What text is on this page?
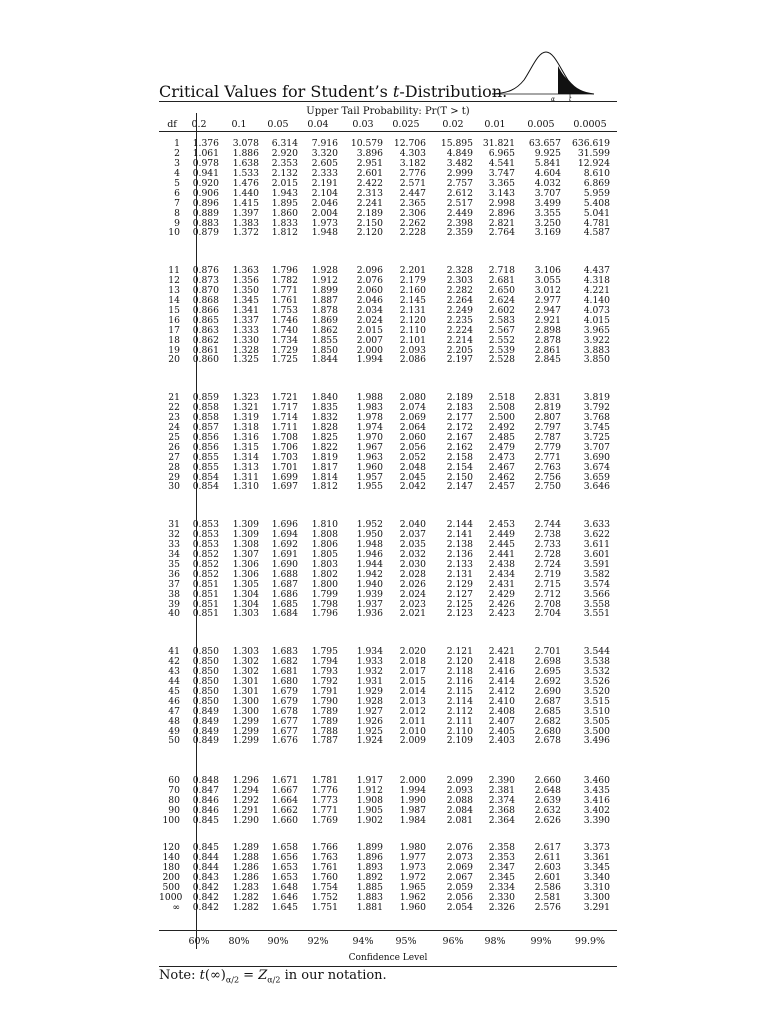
Critical Values for Student’s t-Distribution.	α t
Upper Tail Probability: Pr(T > t)
df	0.2	0.1	0.05	0.04	0.03	0.025	0.02	0.01	0.005	0.0005
1	1.376	3.078	6.314	7.916	10.579	12.706	15.895	31.821	63.657	636.619
2	1.061	1.886	2.920	3.320	3.896	4.303	4.849	6.965	9.925	31.599
3	0.978	1.638	2.353	2.605	2.951	3.182	3.482	4.541	5.841	12.924
4	0.941	1.533	2.132	2.333	2.601	2.776	2.999	3.747	4.604	8.610
5	0.920	1.476	2.015	2.191	2.422	2.571	2.757	3.365	4.032	6.869
6	0.906	1.440	1.943	2.104	2.313	2.447	2.612	3.143	3.707	5.959
7	0.896	1.415	1.895	2.046	2.241	2.365	2.517	2.998	3.499	5.408
8	0.889	1.397	1.860	2.004	2.189	2.306	2.449	2.896	3.355	5.041
9	0.883	1.383	1.833	1.973	2.150	2.262	2.398	2.821	3.250	4.781
10	0.879	1.372	1.812	1.948	2.120	2.228	2.359	2.764	3.169	4.587
11	0.876	1.363	1.796	1.928	2.096	2.201	2.328	2.718	3.106	4.437
12	0.873	1.356	1.782	1.912	2.076	2.179	2.303	2.681	3.055	4.318
13	0.870	1.350	1.771	1.899	2.060	2.160	2.282	2.650	3.012	4.221
14	0.868	1.345	1.761	1.887	2.046	2.145	2.264	2.624	2.977	4.140
15	0.866	1.341	1.753	1.878	2.034	2.131	2.249	2.602	2.947	4.073
16	0.865	1.337	1.746	1.869	2.024	2.120	2.235	2.583	2.921	4.015
17	0.863	1.333	1.740	1.862	2.015	2.110	2.224	2.567	2.898	3.965
18	0.862	1.330	1.734	1.855	2.007	2.101	2.214	2.552	2.878	3.922
19	0.861	1.328	1.729	1.850	2.000	2.093	2.205	2.539	2.861	3.883
20	0.860	1.325	1.725	1.844	1.994	2.086	2.197	2.528	2.845	3.850
21	0.859	1.323	1.721	1.840	1.988	2.080	2.189	2.518	2.831	3.819
22	0.858	1.321	1.717	1.835	1.983	2.074	2.183	2.508	2.819	3.792
23	0.858	1.319	1.714	1.832	1.978	2.069	2.177	2.500	2.807	3.768
24	0.857	1.318	1.711	1.828	1.974	2.064	2.172	2.492	2.797	3.745
25	0.856	1.316	1.708	1.825	1.970	2.060	2.167	2.485	2.787	3.725
26	0.856	1.315	1.706	1.822	1.967	2.056	2.162	2.479	2.779	3.707
27	0.855	1.314	1.703	1.819	1.963	2.052	2.158	2.473	2.771	3.690
28	0.855	1.313	1.701	1.817	1.960	2.048	2.154	2.467	2.763	3.674
29	0.854	1.311	1.699	1.814	1.957	2.045	2.150	2.462	2.756	3.659
30	0.854	1.310	1.697	1.812	1.955	2.042	2.147	2.457	2.750	3.646
31	0.853	1.309	1.696	1.810	1.952	2.040	2.144	2.453	2.744	3.633
32	0.853	1.309	1.694	1.808	1.950	2.037	2.141	2.449	2.738	3.622
33	0.853	1.308	1.692	1.806	1.948	2.035	2.138	2.445	2.733	3.611
34	0.852	1.307	1.691	1.805	1.946	2.032	2.136	2.441	2.728	3.601
35	0.852	1.306	1.690	1.803	1.944	2.030	2.133	2.438	2.724	3.591
36	0.852	1.306	1.688	1.802	1.942	2.028	2.131	2.434	2.719	3.582
37	0.851	1.305	1.687	1.800	1.940	2.026	2.129	2.431	2.715	3.574
38	0.851	1.304	1.686	1.799	1.939	2.024	2.127	2.429	2.712	3.566
39	0.851	1.304	1.685	1.798	1.937	2.023	2.125	2.426	2.708	3.558
40	0.851	1.303	1.684	1.796	1.936	2.021	2.123	2.423	2.704	3.551
41	0.850	1.303	1.683	1.795	1.934	2.020	2.121	2.421	2.701	3.544
42	0.850	1.302	1.682	1.794	1.933	2.018	2.120	2.418	2.698	3.538
43	0.850	1.302	1.681	1.793	1.932	2.017	2.118	2.416	2.695	3.532
44	0.850	1.301	1.680	1.792	1.931	2.015	2.116	2.414	2.692	3.526
45	0.850	1.301	1.679	1.791	1.929	2.014	2.115	2.412	2.690	3.520
46	0.850	1.300	1.679	1.790	1.928	2.013	2.114	2.410	2.687	3.515
47	0.849	1.300	1.678	1.789	1.927	2.012	2.112	2.408	2.685	3.510
48	0.849	1.299	1.677	1.789	1.926	2.011	2.111	2.407	2.682	3.505
49	0.849	1.299	1.677	1.788	1.925	2.010	2.110	2.405	2.680	3.500
50	0.849	1.299	1.676	1.787	1.924	2.009	2.109	2.403	2.678	3.496
60	0.848	1.296	1.671	1.781	1.917	2.000	2.099	2.390	2.660	3.460
70	0.847	1.294	1.667	1.776	1.912	1.994	2.093	2.381	2.648	3.435
80	0.846	1.292	1.664	1.773	1.908	1.990	2.088	2.374	2.639	3.416
90	0.846	1.291	1.662	1.771	1.905	1.987	2.084	2.368	2.632	3.402
100	0.845	1.290	1.660	1.769	1.902	1.984	2.081	2.364	2.626	3.390
120	0.845	1.289	1.658	1.766	1.899	1.980	2.076	2.358	2.617	3.373
140	0.844	1.288	1.656	1.763	1.896	1.977	2.073	2.353	2.611	3.361
180	0.844	1.286	1.653	1.761	1.893	1.973	2.069	2.347	2.603	3.345
200	0.843	1.286	1.653	1.760	1.892	1.972	2.067	2.345	2.601	3.340
500	0.842	1.283	1.648	1.754	1.885	1.965	2.059	2.334	2.586	3.310
1000	0.842	1.282	1.646	1.752	1.883	1.962	2.056	2.330	2.581	3.300
∞	0.842	1.282	1.645	1.751	1.881	1.960	2.054	2.326	2.576	3.291
60%	80%	90%	92%	94%	95%	96%	98%	99%	99.9%
Confidence Level
Note: $t(\infty)_{\alpha/2} = Z_{\alpha/2}$ in our notation.
